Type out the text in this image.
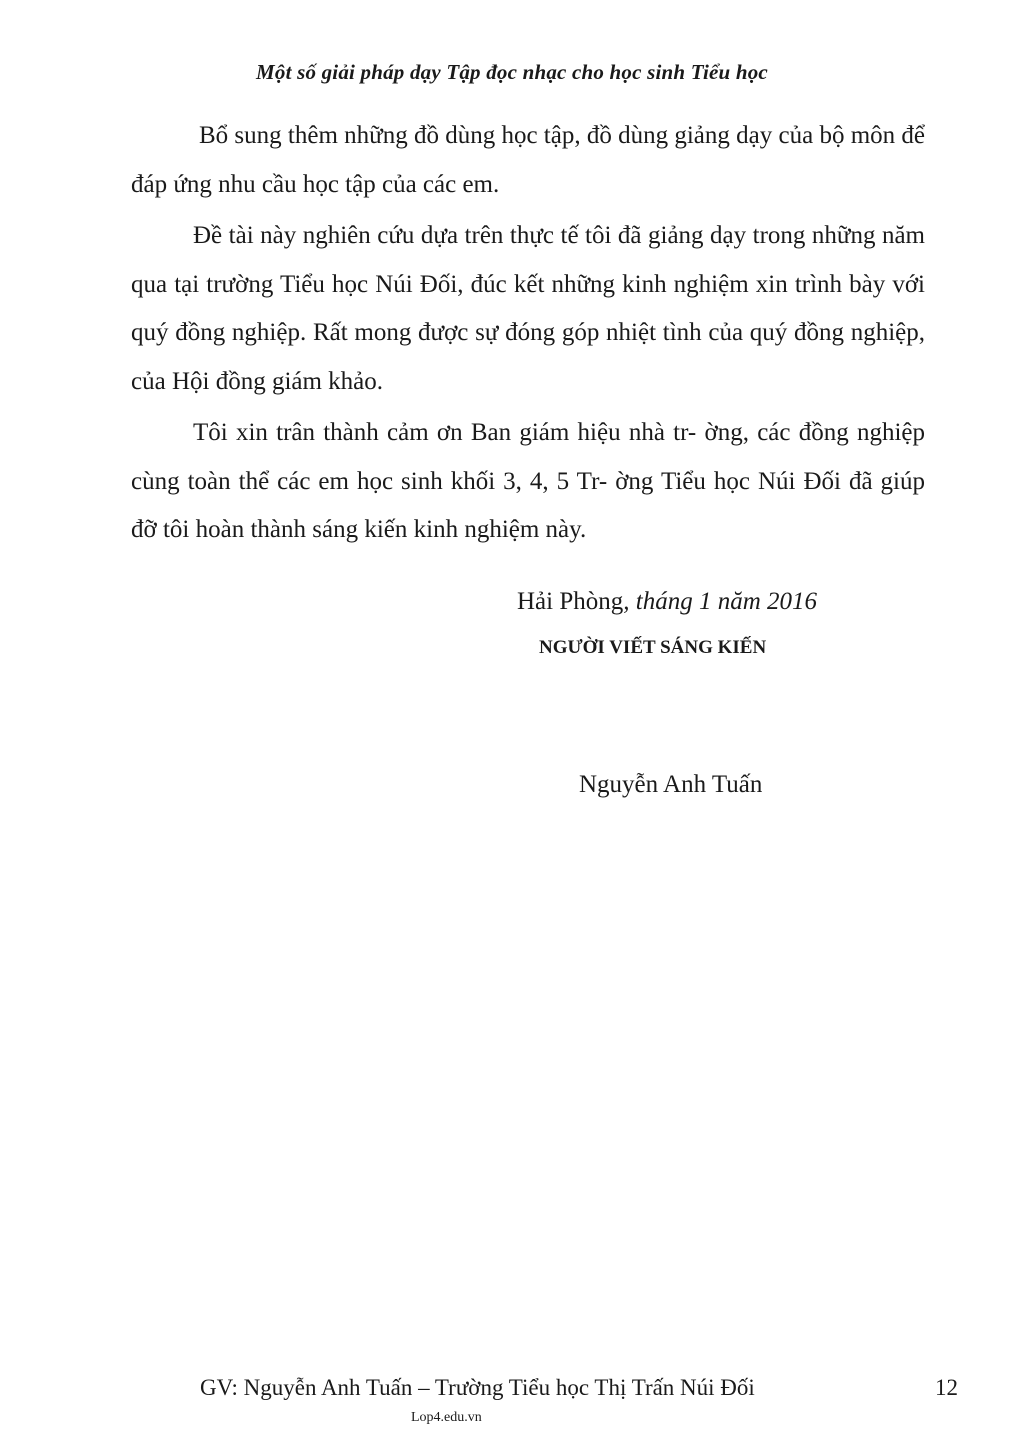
Một số giải pháp dạy Tập đọc nhạc cho học sinh Tiểu học

Bổ sung thêm những đồ dùng học tập, đồ dùng giảng dạy của bộ môn để đáp ứng nhu cầu học tập của các em.

Đề tài này nghiên cứu dựa trên thực tế tôi đã giảng dạy trong những năm qua tại trường Tiểu học Núi Đối, đúc kết những kinh nghiệm xin trình bày với quý đồng nghiệp. Rất mong được sự đóng góp nhiệt tình của quý đồng nghiệp, của Hội đồng giám khảo.

Tôi xin trân thành cảm ơn Ban giám hiệu nhà tr- ờng, các đồng nghiệp cùng toàn thể các em học sinh khối 3, 4, 5 Tr- ờng Tiểu học Núi Đối đã giúp đỡ tôi hoàn thành sáng kiến kinh nghiệm này.

Hải Phòng, tháng 1 năm 2016
NGƯỜI VIẾT SÁNG KIẾN
Nguyễn Anh Tuấn
GV: Nguyễn Anh Tuấn – Trường Tiểu học Thị Trấn Núi Đối	12
Lop4.edu.vn
